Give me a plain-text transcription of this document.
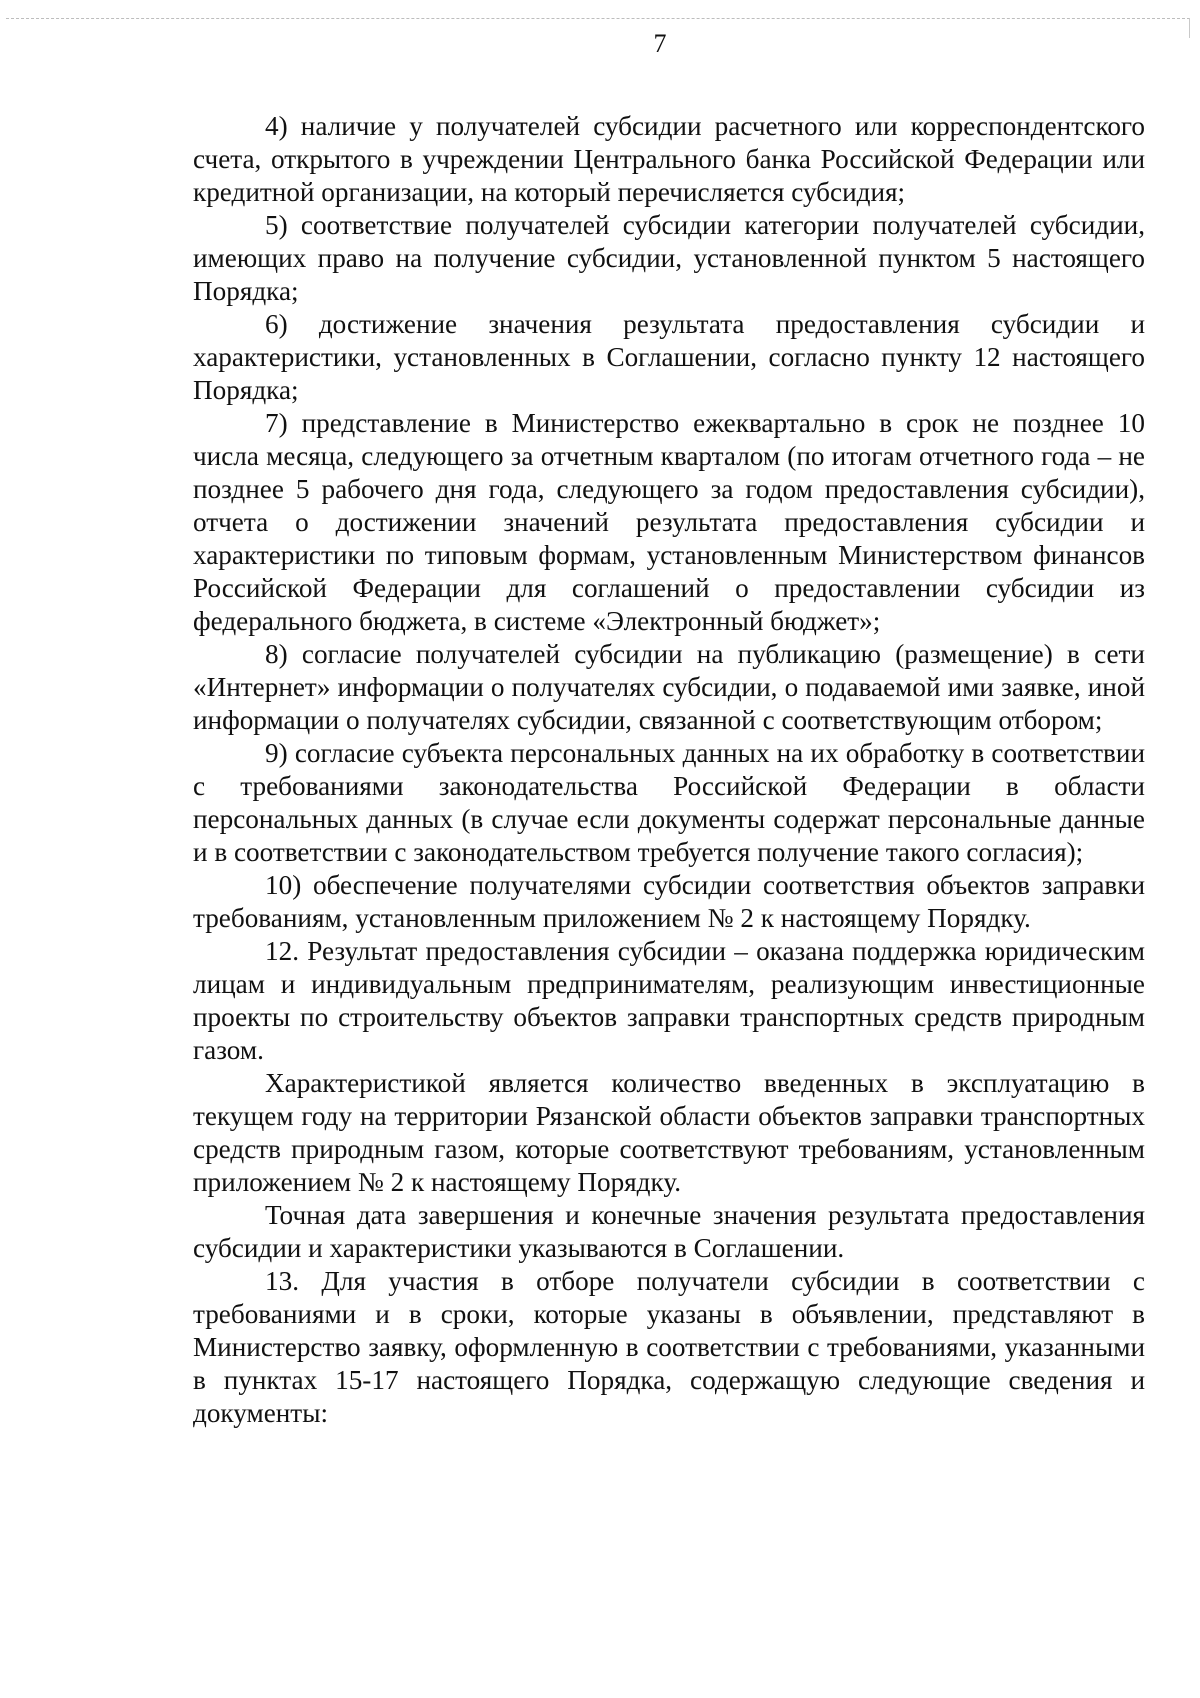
7

4) наличие у получателей субсидии расчетного или корреспондентского счета, открытого в учреждении Центрального банка Российской Федерации или кредитной организации, на который перечисляется субсидия;

5) соответствие получателей субсидии категории получателей субсидии, имеющих право на получение субсидии, установленной пунктом 5 настоящего Порядка;

6) достижение значения результата предоставления субсидии и характеристики, установленных в Соглашении, согласно пункту 12 настоящего Порядка;

7) представление в Министерство ежеквартально в срок не позднее 10 числа месяца, следующего за отчетным кварталом (по итогам отчетного года – не позднее 5 рабочего дня года, следующего за годом предоставления субсидии), отчета о достижении значений результата предоставления субсидии и характеристики по типовым формам, установленным Министерством финансов Российской Федерации для соглашений о предоставлении субсидии из федерального бюджета, в системе «Электронный бюджет»;

8) согласие получателей субсидии на публикацию (размещение) в сети «Интернет» информации о получателях субсидии, о подаваемой ими заявке, иной информации о получателях субсидии, связанной с соответствующим отбором;

9) согласие субъекта персональных данных на их обработку в соответствии с требованиями законодательства Российской Федерации в области персональных данных (в случае если документы содержат персональные данные и в соответствии с законодательством требуется получение такого согласия);

10) обеспечение получателями субсидии соответствия объектов заправки требованиям, установленным приложением № 2 к настоящему Порядку.

12. Результат предоставления субсидии – оказана поддержка юридическим лицам и индивидуальным предпринимателям, реализующим инвестиционные проекты по строительству объектов заправки транспортных средств природным газом.

Характеристикой является количество введенных в эксплуатацию в текущем году на территории Рязанской области объектов заправки транспортных средств природным газом, которые соответствуют требованиям, установленным приложением № 2 к настоящему Порядку.

Точная дата завершения и конечные значения результата предоставления субсидии и характеристики указываются в Соглашении.

13. Для участия в отборе получатели субсидии в соответствии с требованиями и в сроки, которые указаны в объявлении, представляют в Министерство заявку, оформленную в соответствии с требованиями, указанными в пунктах 15-17 настоящего Порядка, содержащую следующие сведения и документы:
